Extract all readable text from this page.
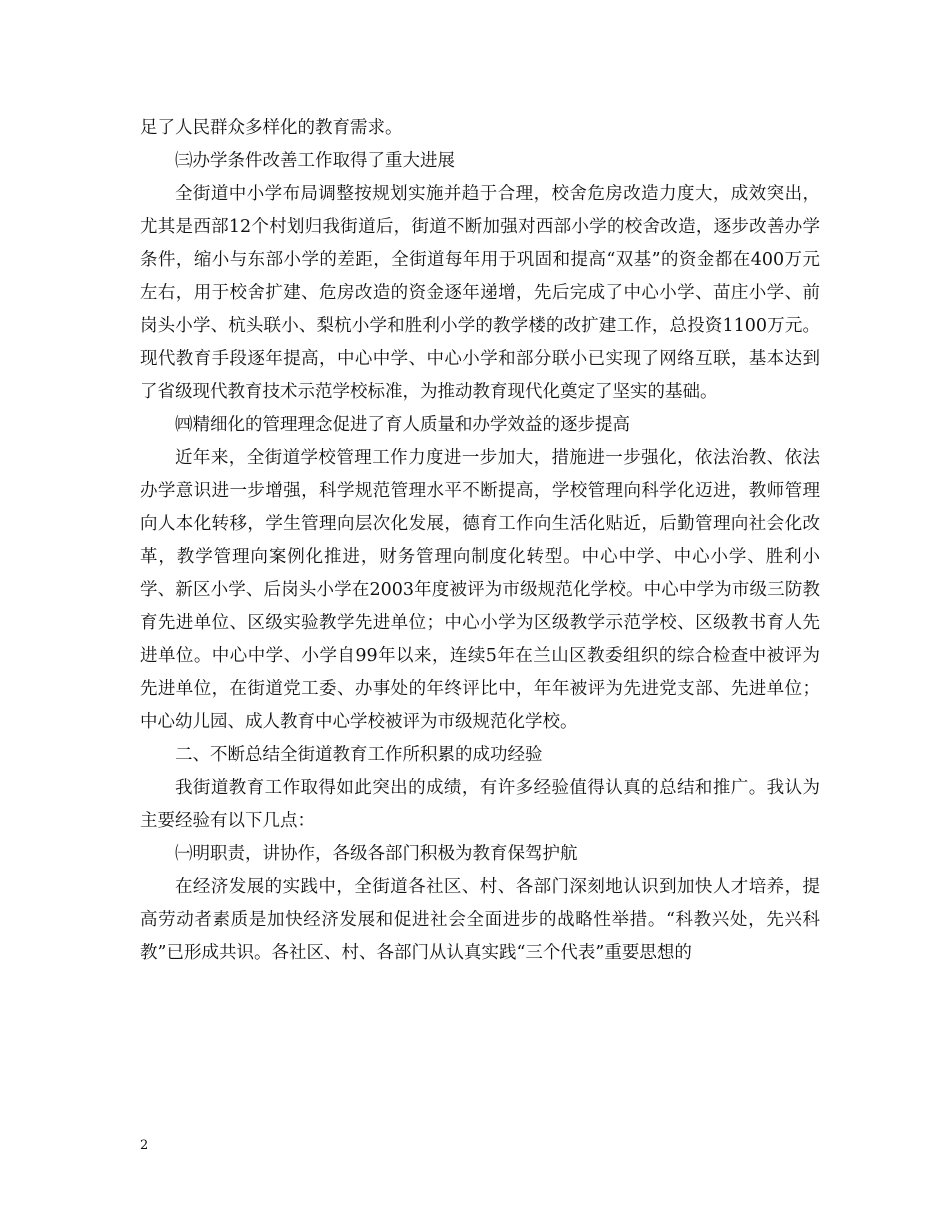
足了人民群众多样化的教育需求。

㈢办学条件改善工作取得了重大进展

全街道中小学布局调整按规划实施并趋于合理，校舍危房改造力度大，成效突出，尤其是西部12个村划归我街道后，街道不断加强对西部小学的校舍改造，逐步改善办学条件，缩小与东部小学的差距，全街道每年用于巩固和提高“双基”的资金都在400万元左右，用于校舍扩建、危房改造的资金逐年递增，先后完成了中心小学、苗庄小学、前岗头小学、杭头联小、梨杭小学和胜利小学的教学楼的改扩建工作，总投资1100万元。现代教育手段逐年提高，中心中学、中心小学和部分联小已实现了网络互联，基本达到了省级现代教育技术示范学校标准，为推动教育现代化奠定了坚实的基础。

㈣精细化的管理理念促进了育人质量和办学效益的逐步提高

近年来，全街道学校管理工作力度进一步加大，措施进一步强化，依法治教、依法办学意识进一步增强，科学规范管理水平不断提高，学校管理向科学化迈进，教师管理向人本化转移，学生管理向层次化发展，德育工作向生活化贴近，后勤管理向社会化改革，教学管理向案例化推进，财务管理向制度化转型。中心中学、中心小学、胜利小学、新区小学、后岗头小学在2003年度被评为市级规范化学校。中心中学为市级三防教育先进单位、区级实验教学先进单位；中心小学为区级教学示范学校、区级教书育人先进单位。中心中学、小学自99年以来，连续5年在兰山区教委组织的综合检查中被评为先进单位，在街道党工委、办事处的年终评比中，年年被评为先进党支部、先进单位；中心幼儿园、成人教育中心学校被评为市级规范化学校。

二、不断总结全街道教育工作所积累的成功经验

我街道教育工作取得如此突出的成绩，有许多经验值得认真的总结和推广。我认为主要经验有以下几点：

㈠明职责，讲协作，各级各部门积极为教育保驾护航

在经济发展的实践中，全街道各社区、村、各部门深刻地认识到加快人才培养，提高劳动者素质是加快经济发展和促进社会全面进步的战略性举措。“科教兴处，先兴科教”已形成共识。各社区、村、各部门从认真实践“三个代表”重要思想的

2
